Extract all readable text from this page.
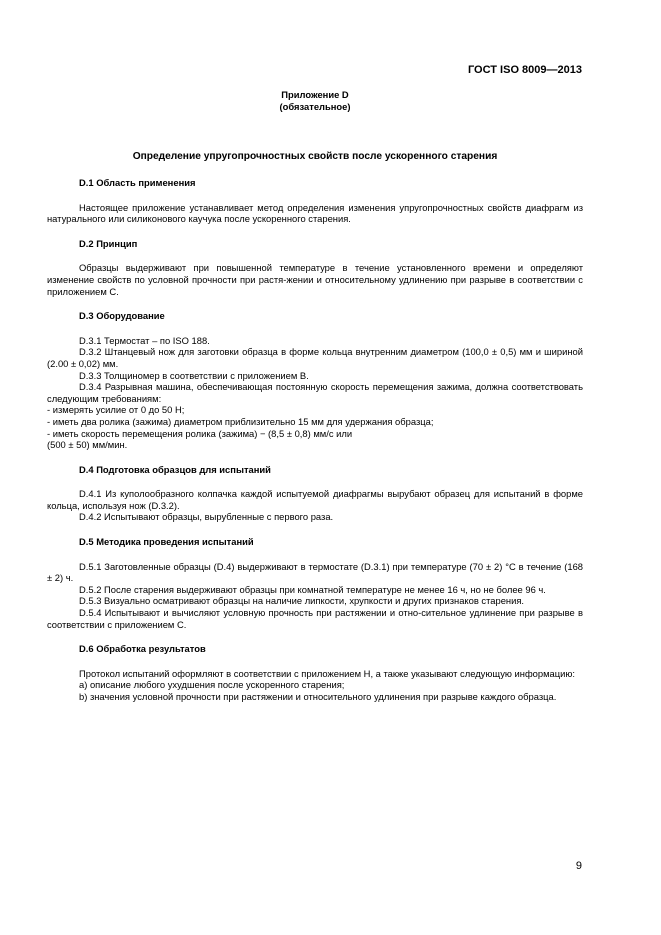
ГОСТ ISO 8009—2013
Приложение D
(обязательное)
Определение упругопрочностных свойств после ускоренного старения

D.1 Область применения

Настоящее приложение устанавливает метод определения изменения упругопрочностных свойств диафрагм из натурального или силиконового каучука после ускоренного старения.

D.2 Принцип

Образцы выдерживают при повышенной температуре в течение установленного времени и определяют изменение свойств по условной прочности при растя-жении и относительному удлинению при разрыве в соответствии с приложением C.

D.3 Оборудование

D.3.1 Термостат – по ISO 188.

D.3.2 Штанцевый нож для заготовки образца в форме кольца внутренним диаметром (100,0 ± 0,5) мм и шириной (2.00 ± 0,02) мм.

D.3.3 Толщиномер в соответствии с приложением B.

D.3.4 Разрывная машина, обеспечивающая постоянную скорость перемещения зажима, должна соответствовать следующим требованиям:

- измерять усилие от 0 до 50 Н;

- иметь два ролика (зажима) диаметром приблизительно 15 мм для удержания образца;

- иметь скорость перемещения ролика (зажима) − (8,5 ± 0,8) мм/с или

(500 ± 50) мм/мин.

D.4 Подготовка образцов для испытаний

D.4.1 Из куполообразного колпачка каждой испытуемой диафрагмы вырубают образец для испытаний в форме кольца, используя нож (D.3.2).

D.4.2 Испытывают образцы, вырубленные с первого раза.

D.5 Методика проведения испытаний

D.5.1 Заготовленные образцы (D.4) выдерживают в термостате (D.3.1) при температуре (70 ± 2) °С в течение (168 ± 2) ч.

D.5.2 После старения выдерживают образцы при комнатной температуре не менее 16 ч, но не более 96 ч.

D.5.3 Визуально осматривают образцы на наличие липкости, хрупкости и других признаков старения.

D.5.4 Испытывают и вычисляют условную прочность при растяжении и отно-сительное удлинение при разрыве в соответствии с приложением C.

D.6 Обработка результатов

Протокол испытаний оформляют в соответствии с приложением H, а также указывают следующую информацию:

а) описание любого ухудшения после ускоренного старения;

b) значения условной прочности при растяжении и относительного удлинения при разрыве каждого образца.

9
